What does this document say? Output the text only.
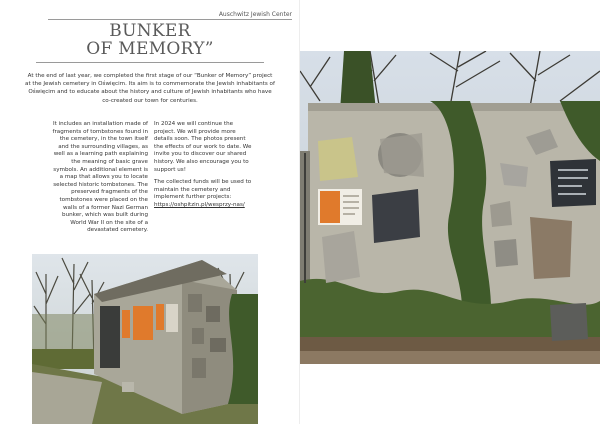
Auschwitz Jewish Center
BUNKER
OF MEMORY”
At the end of last year, we completed the first stage of our “Bunker of Memory” project at the Jewish cemetery in Oświęcim. Its aim is to commemorate the Jewish inhabitants of Oświęcim and to educate about the history and culture of Jewish inhabitants who have co-created our town for centuries.

It includes an installation made of fragments of tombstones found in the cemetery, in the town itself and the surrounding villages, as well as a learning path explaining the meaning of basic grave symbols. An additional element is a map that allows you to locate selected historic tombstones. The preserved fragments of the tombstones were placed on the walls of a former Nazi German bunker, which was built during World War II on the site of a devastated cemetery.

In 2024 we will continue the project. We will provide more details soon. The photos present the effects of our work to date. We invite you to discover our shared history. We also encourage you to support us!

The collected funds will be used to maintain the cemetery and implement further projects: https://oshpitzin.pl/wesprzy-nas/
